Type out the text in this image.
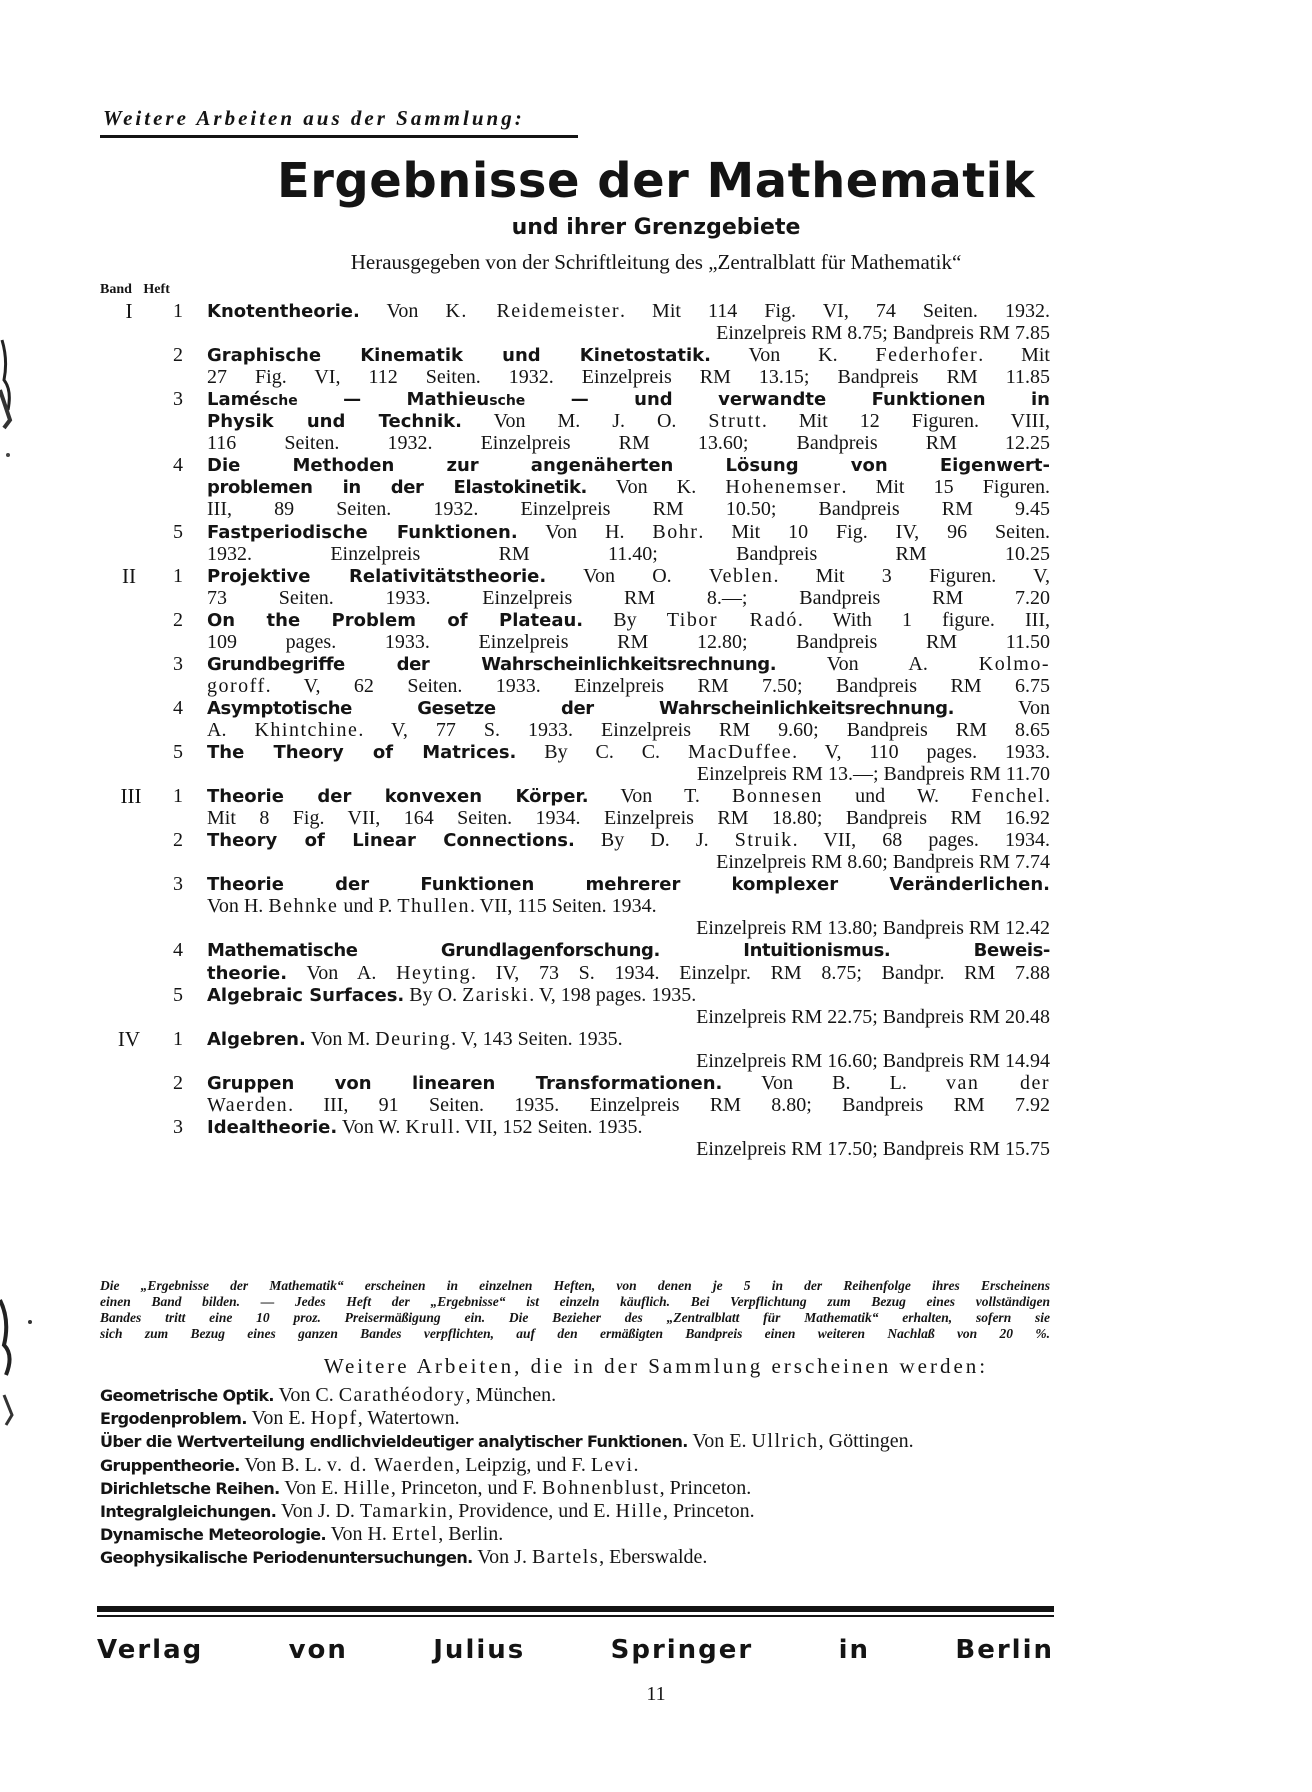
Weitere Arbeiten aus der Sammlung:
Ergebnisse der Mathematik
und ihrer Grenzgebiete
Herausgegeben von der Schriftleitung des „Zentralblatt für Mathematik“
Band Heft
I	1 Knotentheorie. Von K. Reidemeister. Mit 114 Fig. VI, 74 Seiten. 1932.
Einzelpreis RM 8.75; Bandpreis RM 7.85
2 Graphische Kinematik und Kinetostatik. Von K. Federhofer. Mit
27 Fig. VI, 112 Seiten. 1932. Einzelpreis RM 13.15; Bandpreis RM 11.85
3 Lamésche — Mathieusche — und verwandte Funktionen in
Physik und Technik. Von M. J. O. Strutt. Mit 12 Figuren. VIII,
116 Seiten. 1932. Einzelpreis RM 13.60; Bandpreis RM 12.25
4 Die Methoden zur angenäherten Lösung von Eigenwert-
problemen in der Elastokinetik. Von K. Hohenemser. Mit 15 Figuren.
III, 89 Seiten. 1932. Einzelpreis RM 10.50; Bandpreis RM 9.45
5 Fastperiodische Funktionen. Von H. Bohr. Mit 10 Fig. IV, 96 Seiten.
1932. Einzelpreis RM 11.40; Bandpreis RM 10.25
II	1 Projektive Relativitätstheorie. Von O. Veblen. Mit 3 Figuren. V,
73 Seiten. 1933. Einzelpreis RM 8.—; Bandpreis RM 7.20
2 On the Problem of Plateau. By Tibor Radó. With 1 figure. III,
109 pages. 1933. Einzelpreis RM 12.80; Bandpreis RM 11.50
3 Grundbegriffe der Wahrscheinlichkeitsrechnung. Von A. Kolmo-
goroff. V, 62 Seiten. 1933. Einzelpreis RM 7.50; Bandpreis RM 6.75
4 Asymptotische Gesetze der Wahrscheinlichkeitsrechnung. Von
A. Khintchine. V, 77 S. 1933. Einzelpreis RM 9.60; Bandpreis RM 8.65
5 The Theory of Matrices. By C. C. MacDuffee. V, 110 pages. 1933.
Einzelpreis RM 13.—; Bandpreis RM 11.70
III	1 Theorie der konvexen Körper. Von T. Bonnesen und W. Fenchel.
Mit 8 Fig. VII, 164 Seiten. 1934. Einzelpreis RM 18.80; Bandpreis RM 16.92
2 Theory of Linear Connections. By D. J. Struik. VII, 68 pages. 1934.
Einzelpreis RM 8.60; Bandpreis RM 7.74
3 Theorie der Funktionen mehrerer komplexer Veränderlichen.
Von H. Behnke und P. Thullen. VII, 115 Seiten. 1934.
Einzelpreis RM 13.80; Bandpreis RM 12.42
4 Mathematische Grundlagenforschung. Intuitionismus. Beweis-
theorie. Von A. Heyting. IV, 73 S. 1934. Einzelpr. RM 8.75; Bandpr. RM 7.88
5 Algebraic Surfaces. By O. Zariski. V, 198 pages. 1935.
Einzelpreis RM 22.75; Bandpreis RM 20.48
IV	1 Algebren. Von M. Deuring. V, 143 Seiten. 1935.
Einzelpreis RM 16.60; Bandpreis RM 14.94
2 Gruppen von linearen Transformationen. Von B. L. van der
Waerden. III, 91 Seiten. 1935. Einzelpreis RM 8.80; Bandpreis RM 7.92
3 Idealtheorie. Von W. Krull. VII, 152 Seiten. 1935.
Einzelpreis RM 17.50; Bandpreis RM 15.75
Die „Ergebnisse der Mathematik“ erscheinen in einzelnen Heften, von denen je 5 in der Reihenfolge ihres Erscheinens
einen Band bilden. — Jedes Heft der „Ergebnisse“ ist einzeln käuflich. Bei Verpflichtung zum Bezug eines vollständigen
Bandes tritt eine 10 proz. Preisermäßigung ein. Die Bezieher des „Zentralblatt für Mathematik“ erhalten, sofern sie
sich zum Bezug eines ganzen Bandes verpflichten, auf den ermäßigten Bandpreis einen weiteren Nachlaß von 20 %.
Weitere Arbeiten, die in der Sammlung erscheinen werden:
Geometrische Optik. Von C. Carathéodory, München.
Ergodenproblem. Von E. Hopf, Watertown.
Über die Wertverteilung endlichvieldeutiger analytischer Funktionen. Von E. Ullrich, Göttingen.
Gruppentheorie. Von B. L. v. d. Waerden, Leipzig, und F. Levi.
Dirichletsche Reihen. Von E. Hille, Princeton, und F. Bohnenblust, Princeton.
Integralgleichungen. Von J. D. Tamarkin, Providence, und E. Hille, Princeton.
Dynamische Meteorologie. Von H. Ertel, Berlin.
Geophysikalische Periodenuntersuchungen. Von J. Bartels, Eberswalde.
Verlag von Julius Springer in Berlin
11
